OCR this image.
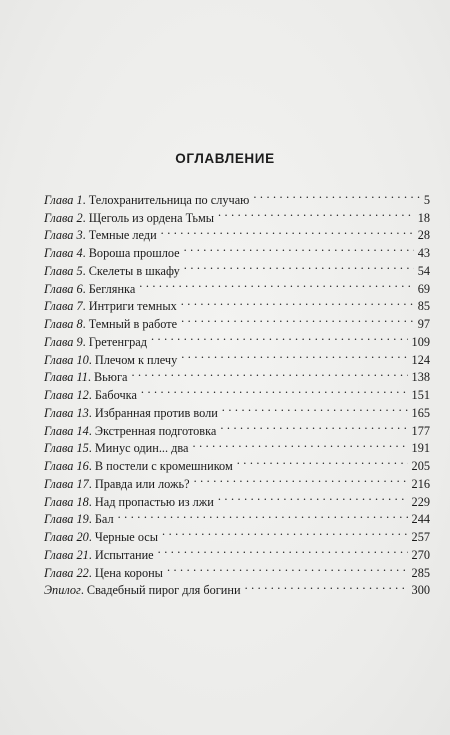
ОГЛАВЛЕНИЕ
Глава 1 . Телохранительница по случаю . . .	5
Глава 2 . Щеголь из ордена Тьмы . . .	18
Глава 3 . Темные леди . . .	28
Глава 4 . Вороша прошлое . . .	43
Глава 5 . Скелеты в шкафу . . .	54
Глава 6 . Беглянка . . .	69
Глава 7 . Интриги темных . . .	85
Глава 8 . Темный в работе . . .	97
Глава 9 . Гретенград . . .	109
Глава 10 . Плечом к плечу . . .	124
Глава 11 . Вьюга . . .	138
Глава 12 . Бабочка . . .	151
Глава 13 . Избранная против воли . . .	165
Глава 14 . Экстренная подготовка . . .	177
Глава 15 . Минус один... два . . .	191
Глава 16 . В постели с кромешником . . .	205
Глава 17 . Правда или ложь? . . .	216
Глава 18 . Над пропастью из лжи . . .	229
Глава 19 . Бал . . .	244
Глава 20 . Черные осы . . .	257
Глава 21 . Испытание . . .	270
Глава 22 . Цена короны . . .	285
Эпилог . Свадебный пирог для богини . . .	300
